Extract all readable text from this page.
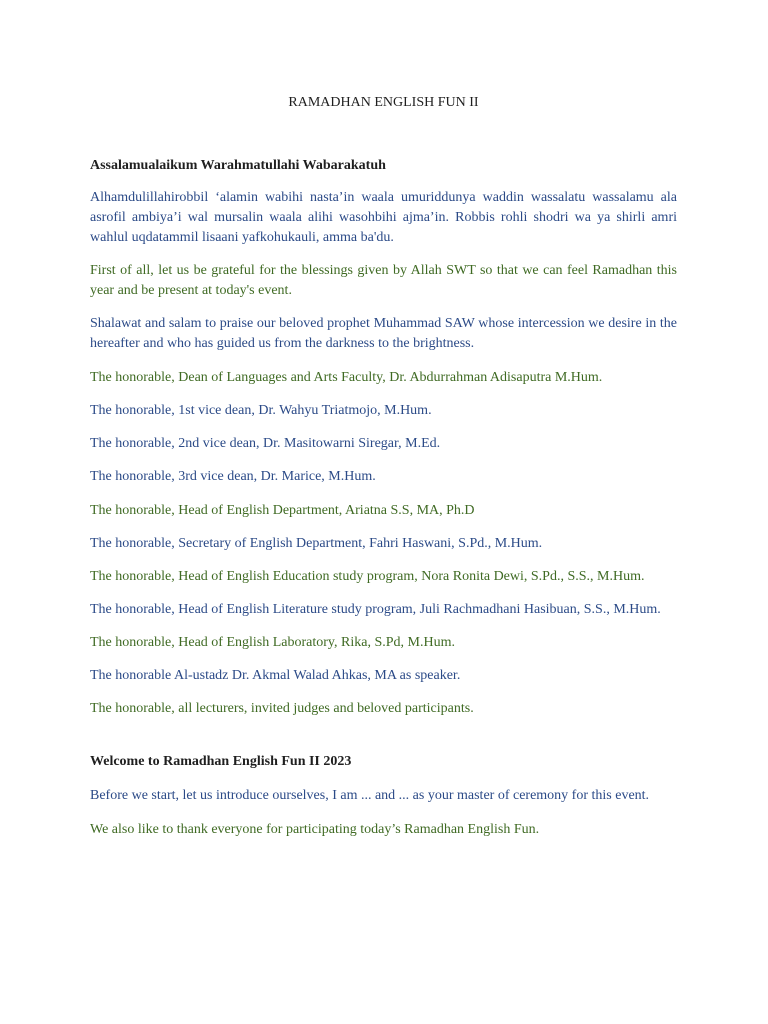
RAMADHAN ENGLISH FUN II

Assalamualaikum Warahmatullahi Wabarakatuh

Alhamdulillahirobbil ‘alamin wabihi nasta’in waala umuriddunya waddin wassalatu wassalamu ala asrofil ambiya’i wal mursalin waala alihi wasohbihi ajma’in. Robbis rohli shodri wa ya shirli amri wahlul uqdatammil lisaani yafkohukauli, amma ba'du.

First of all, let us be grateful for the blessings given by Allah SWT so that we can feel Ramadhan this year and be present at today's event.

Shalawat and salam to praise our beloved prophet Muhammad SAW whose intercession we desire in the hereafter and who has guided us from the darkness to the brightness.

The honorable, Dean of Languages and Arts Faculty, Dr. Abdurrahman Adisaputra M.Hum.

The honorable, 1st vice dean, Dr. Wahyu Triatmojo, M.Hum.

The honorable, 2nd vice dean, Dr. Masitowarni Siregar, M.Ed.

The honorable, 3rd vice dean, Dr. Marice, M.Hum.

The honorable, Head of English Department, Ariatna S.S, MA, Ph.D

The honorable, Secretary of English Department, Fahri Haswani, S.Pd., M.Hum.

The honorable, Head of English Education study program, Nora Ronita Dewi, S.Pd., S.S., M.Hum.

The honorable, Head of English Literature study program, Juli Rachmadhani Hasibuan, S.S., M.Hum.

The honorable, Head of English Laboratory, Rika, S.Pd, M.Hum.

The honorable Al-ustadz Dr. Akmal Walad Ahkas, MA as speaker.

The honorable, all lecturers, invited judges and beloved participants.

Welcome to Ramadhan English Fun II 2023

Before we start, let us introduce ourselves, I am ... and ... as your master of ceremony for this event.

We also like to thank everyone for participating today’s Ramadhan English Fun.
